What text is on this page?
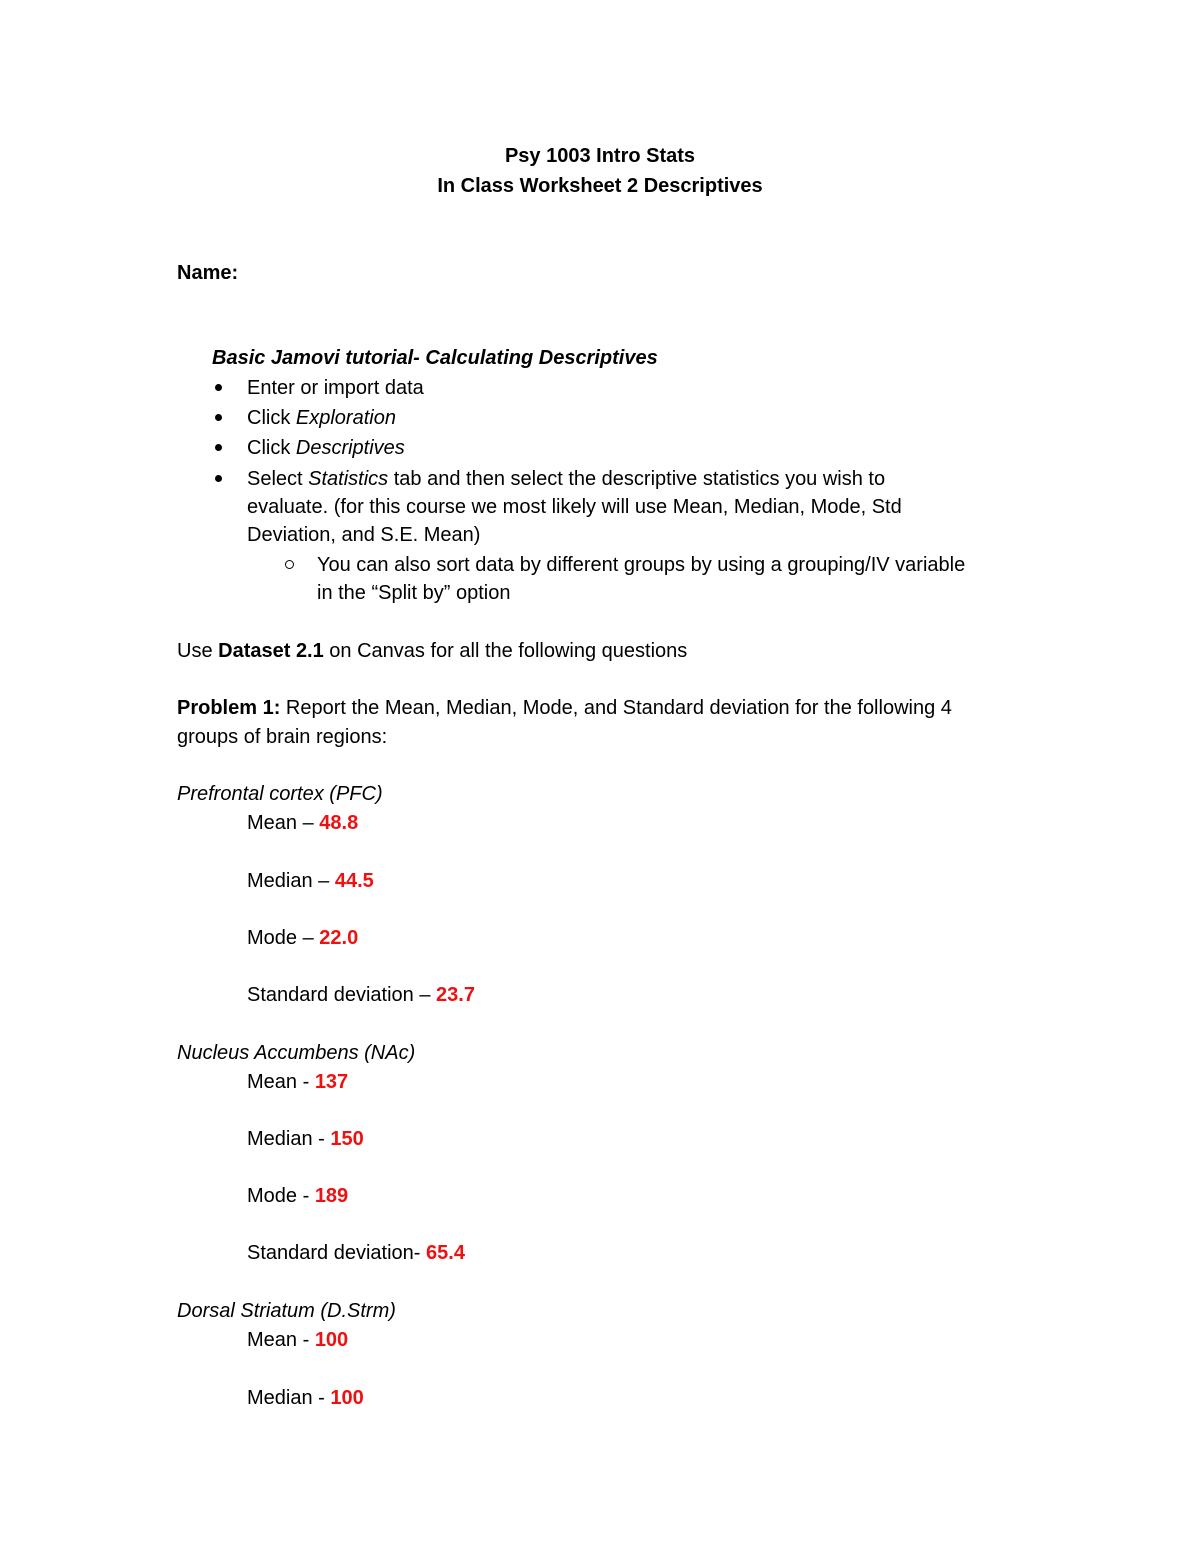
Psy 1003 Intro Stats
In Class Worksheet 2 Descriptives
Name:
Basic Jamovi tutorial- Calculating Descriptives
Enter or import data
Click Exploration
Click Descriptives
Select Statistics tab and then select the descriptive statistics you wish to
evaluate. (for this course we most likely will use Mean, Median, Mode, Std
Deviation, and S.E. Mean)
You can also sort data by different groups by using a grouping/IV variable
in the “Split by” option
Use Dataset 2.1 on Canvas for all the following questions
Problem 1: Report the Mean, Median, Mode, and Standard deviation for the following 4
groups of brain regions:
Prefrontal cortex (PFC)
Mean – 48.8
Median – 44.5
Mode – 22.0
Standard deviation – 23.7
Nucleus Accumbens (NAc)
Mean - 137
Median - 150
Mode - 189
Standard deviation- 65.4
Dorsal Striatum (D.Strm)
Mean - 100
Median - 100
